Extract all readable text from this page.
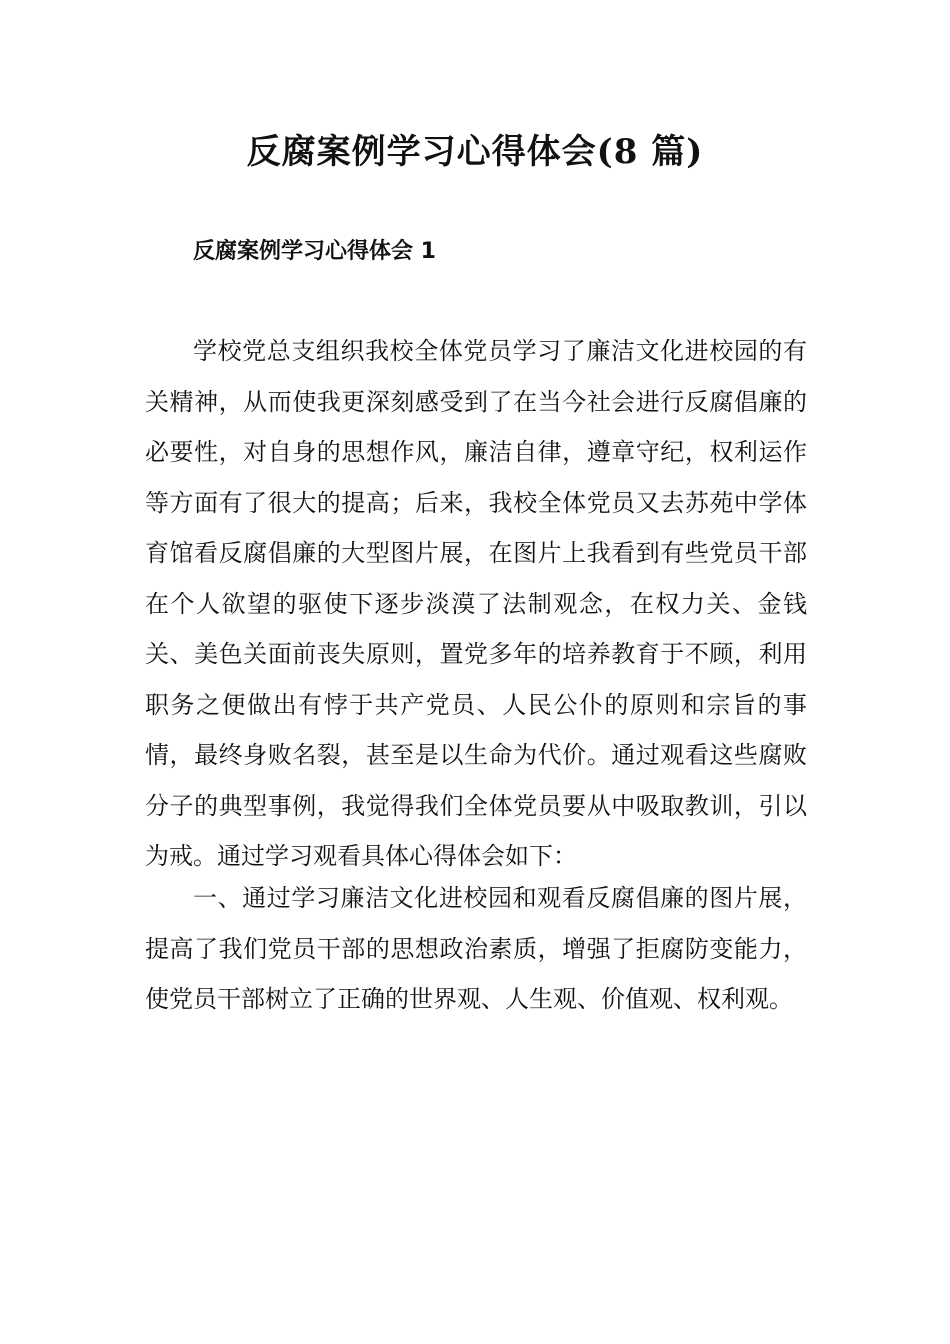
反腐案例学习心得体会(8 篇)
反腐案例学习心得体会 1

学校党总支组织我校全体党员学习了廉洁文化进校园的有关精神，从而使我更深刻感受到了在当今社会进行反腐倡廉的必要性，对自身的思想作风，廉洁自律，遵章守纪，权利运作等方面有了很大的提高；后来，我校全体党员又去苏苑中学体育馆看反腐倡廉的大型图片展，在图片上我看到有些党员干部在个人欲望的驱使下逐步淡漠了法制观念，在权力关、金钱关、美色关面前丧失原则，置党多年的培养教育于不顾，利用职务之便做出有悖于共产党员、人民公仆的原则和宗旨的事情，最终身败名裂，甚至是以生命为代价。通过观看这些腐败分子的典型事例，我觉得我们全体党员要从中吸取教训，引以为戒。通过学习观看具体心得体会如下：

一、通过学习廉洁文化进校园和观看反腐倡廉的图片展，提高了我们党员干部的思想政治素质，增强了拒腐防变能力，使党员干部树立了正确的世界观、人生观、价值观、权利观。
